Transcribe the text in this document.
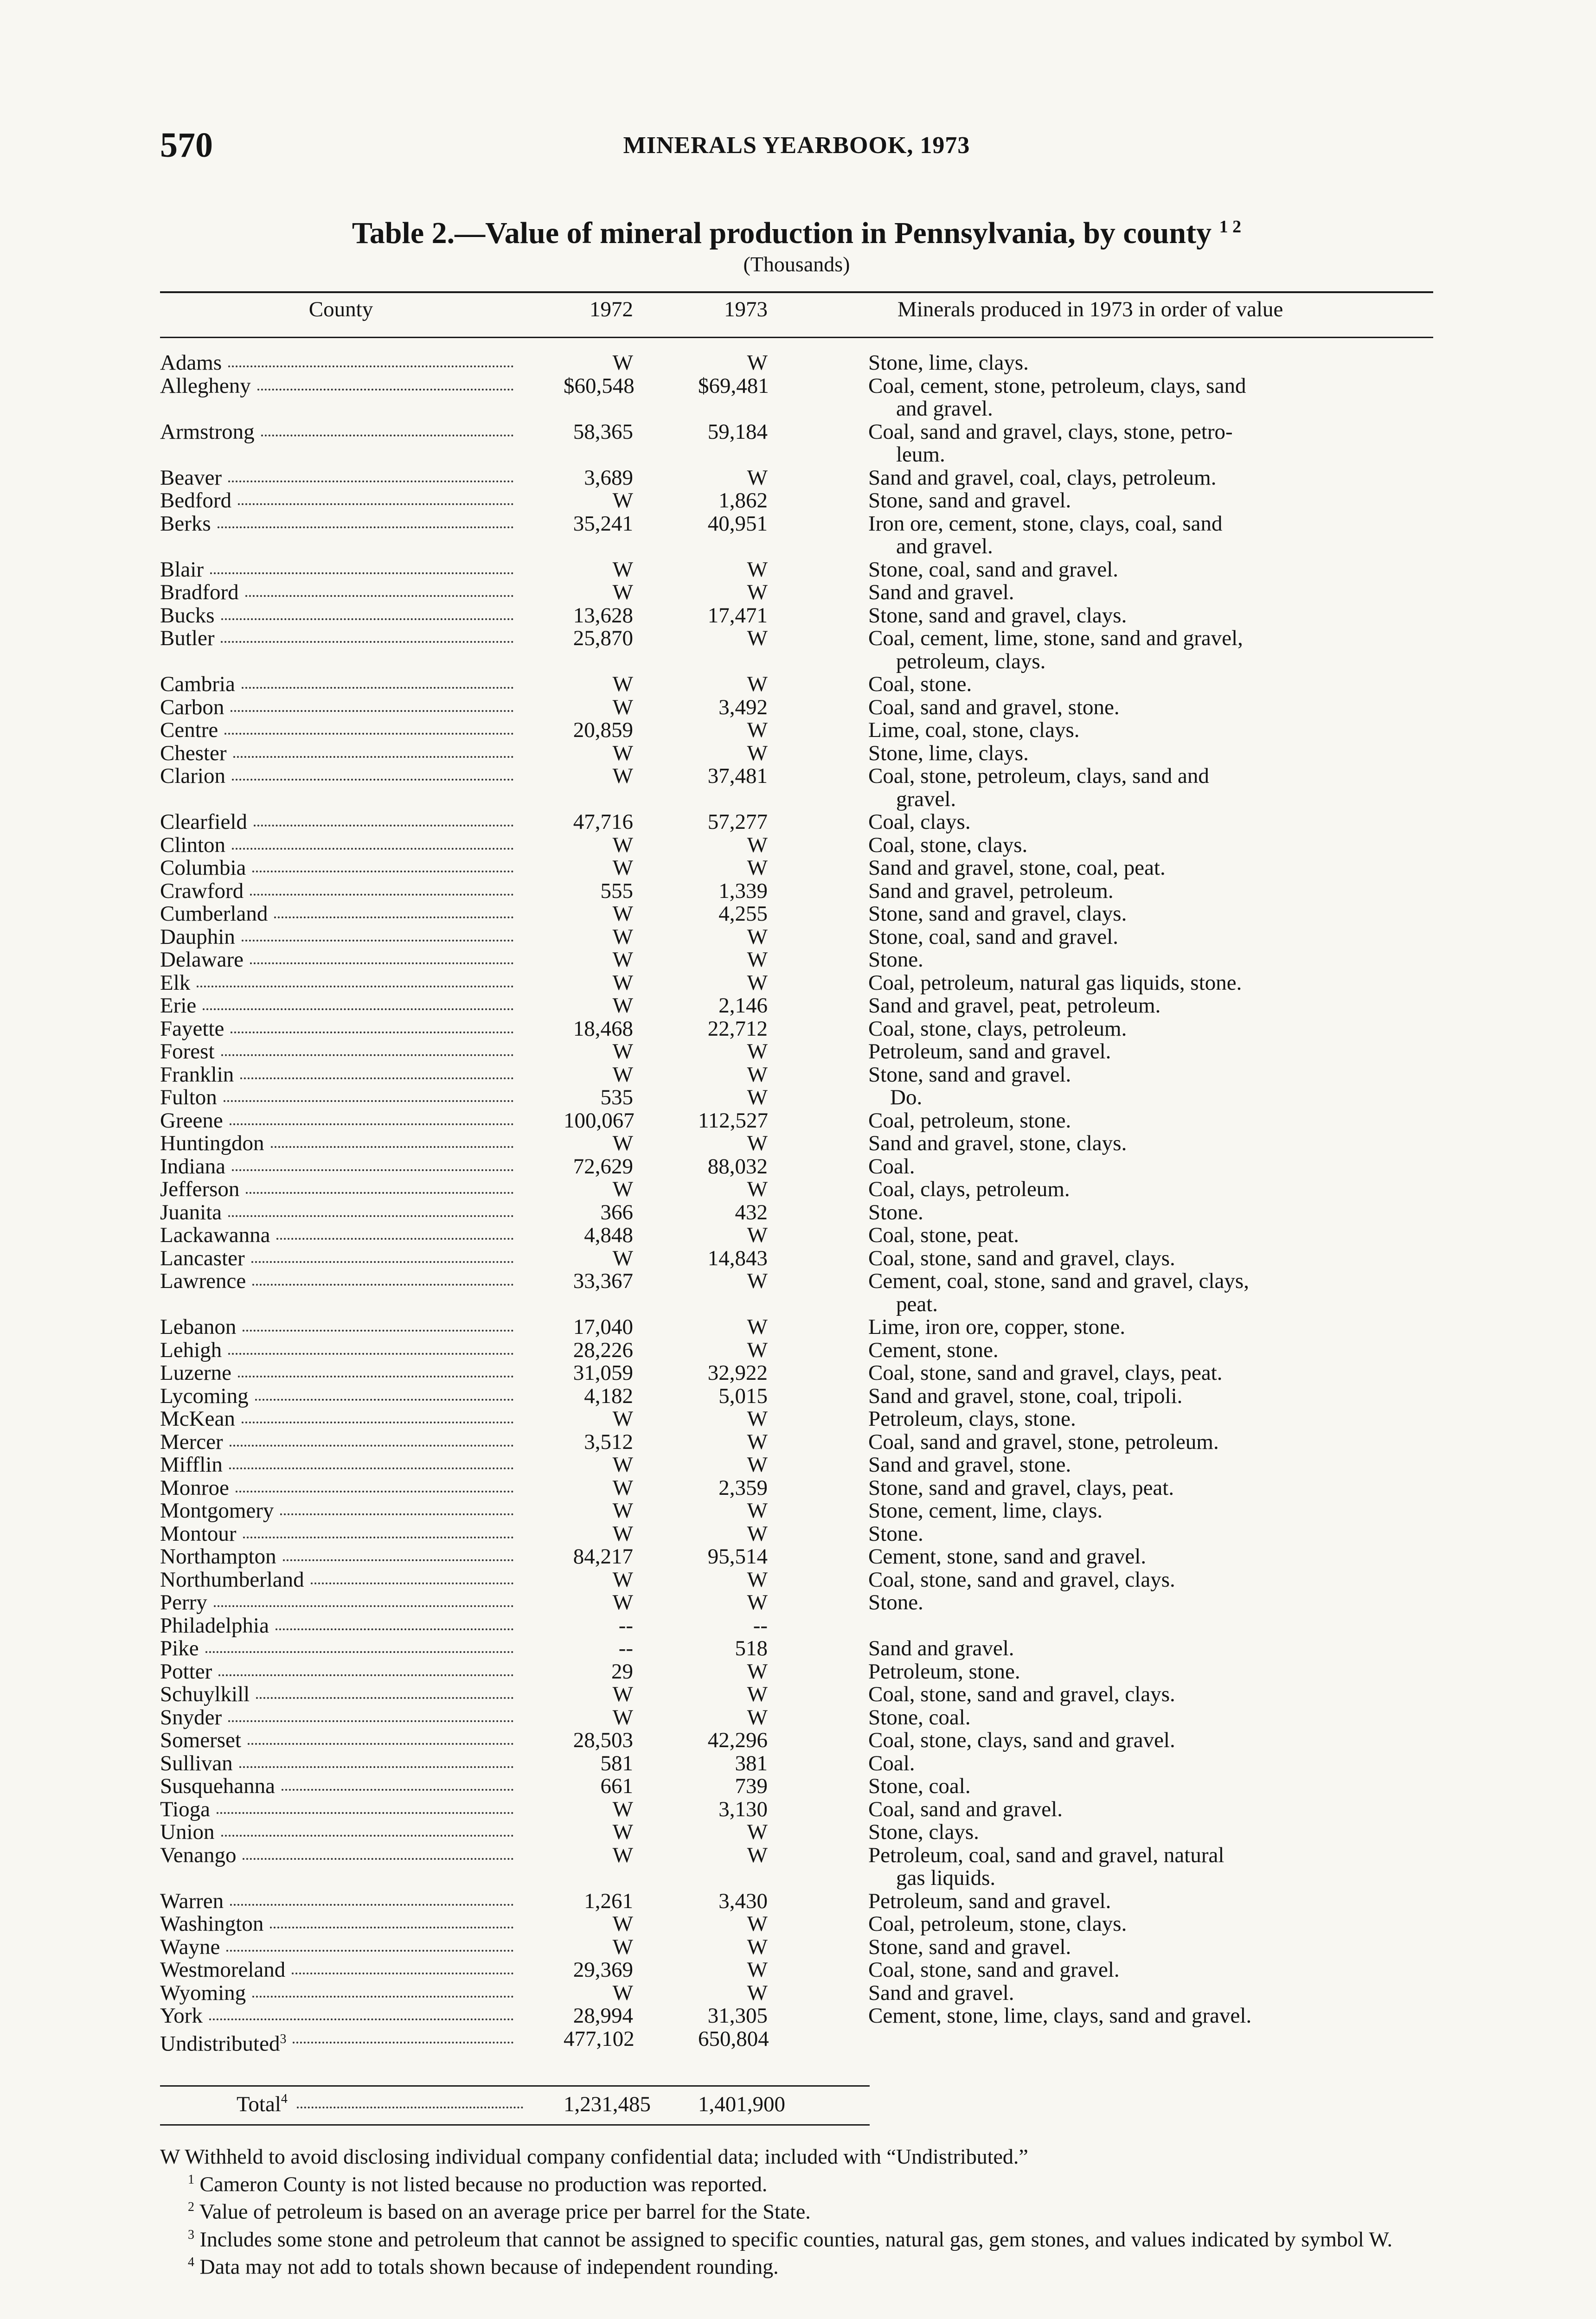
570	MINERALS YEARBOOK, 1973
Table 2.—Value of mineral production in Pennsylvania, by county $^{1 2}$
(Thousands)
County	1972	1973	Minerals produced in 1973 in order of value
Adams	W	W	Stone, lime, clays.
Allegheny	$60,548	$69,481	Coal, cement, stone, petroleum, clays, sand
and gravel.
Armstrong	58,365	59,184	Coal, sand and gravel, clays, stone, petro-
leum.
Beaver	3,689	W	Sand and gravel, coal, clays, petroleum.
Bedford	W	1,862	Stone, sand and gravel.
Berks	35,241	40,951	Iron ore, cement, stone, clays, coal, sand
and gravel.
Blair	W	W	Stone, coal, sand and gravel.
Bradford	W	W	Sand and gravel.
Bucks	13,628	17,471	Stone, sand and gravel, clays.
Butler	25,870	W	Coal, cement, lime, stone, sand and gravel,
petroleum, clays.
Cambria	W	W	Coal, stone.
Carbon	W	3,492	Coal, sand and gravel, stone.
Centre	20,859	W	Lime, coal, stone, clays.
Chester	W	W	Stone, lime, clays.
Clarion	W	37,481	Coal, stone, petroleum, clays, sand and
gravel.
Clearfield	47,716	57,277	Coal, clays.
Clinton	W	W	Coal, stone, clays.
Columbia	W	W	Sand and gravel, stone, coal, peat.
Crawford	555	1,339	Sand and gravel, petroleum.
Cumberland	W	4,255	Stone, sand and gravel, clays.
Dauphin	W	W	Stone, coal, sand and gravel.
Delaware	W	W	Stone.
Elk	W	W	Coal, petroleum, natural gas liquids, stone.
Erie	W	2,146	Sand and gravel, peat, petroleum.
Fayette	18,468	22,712	Coal, stone, clays, petroleum.
Forest	W	W	Petroleum, sand and gravel.
Franklin	W	W	Stone, sand and gravel.
Fulton	535	W	Do.
Greene	100,067	112,527	Coal, petroleum, stone.
Huntingdon	W	W	Sand and gravel, stone, clays.
Indiana	72,629	88,032	Coal.
Jefferson	W	W	Coal, clays, petroleum.
Juanita	366	432	Stone.
Lackawanna	4,848	W	Coal, stone, peat.
Lancaster	W	14,843	Coal, stone, sand and gravel, clays.
Lawrence	33,367	W	Cement, coal, stone, sand and gravel, clays,
peat.
Lebanon	17,040	W	Lime, iron ore, copper, stone.
Lehigh	28,226	W	Cement, stone.
Luzerne	31,059	32,922	Coal, stone, sand and gravel, clays, peat.
Lycoming	4,182	5,015	Sand and gravel, stone, coal, tripoli.
McKean	W	W	Petroleum, clays, stone.
Mercer	3,512	W	Coal, sand and gravel, stone, petroleum.
Mifflin	W	W	Sand and gravel, stone.
Monroe	W	2,359	Stone, sand and gravel, clays, peat.
Montgomery	W	W	Stone, cement, lime, clays.
Montour	W	W	Stone.
Northampton	84,217	95,514	Cement, stone, sand and gravel.
Northumberland	W	W	Coal, stone, sand and gravel, clays.
Perry	W	W	Stone.
Philadelphia	--	--
Pike	--	518	Sand and gravel.
Potter	29	W	Petroleum, stone.
Schuylkill	W	W	Coal, stone, sand and gravel, clays.
Snyder	W	W	Stone, coal.
Somerset	28,503	42,296	Coal, stone, clays, sand and gravel.
Sullivan	581	381	Coal.
Susquehanna	661	739	Stone, coal.
Tioga	W	3,130	Coal, sand and gravel.
Union	W	W	Stone, clays.
Venango	W	W	Petroleum, coal, sand and gravel, natural
gas liquids.
Warren	1,261	3,430	Petroleum, sand and gravel.
Washington	W	W	Coal, petroleum, stone, clays.
Wayne	W	W	Stone, sand and gravel.
Westmoreland	29,369	W	Coal, stone, sand and gravel.
Wyoming	W	W	Sand and gravel.
York	28,994	31,305	Cement, stone, lime, clays, sand and gravel.
Undistributed$^3$	477,102	650,804
Total 4	1,231,485 1,401,900
W Withheld to avoid disclosing individual company confidential data; included with “Undistributed.”
$^1$ Cameron County is not listed because no production was reported.
$^2$ Value of petroleum is based on an average price per barrel for the State.
$^3$ Includes some stone and petroleum that cannot be assigned to specific counties, natural gas, gem stones, and values indicated by symbol W.
$^4$ Data may not add to totals shown because of independent rounding.
